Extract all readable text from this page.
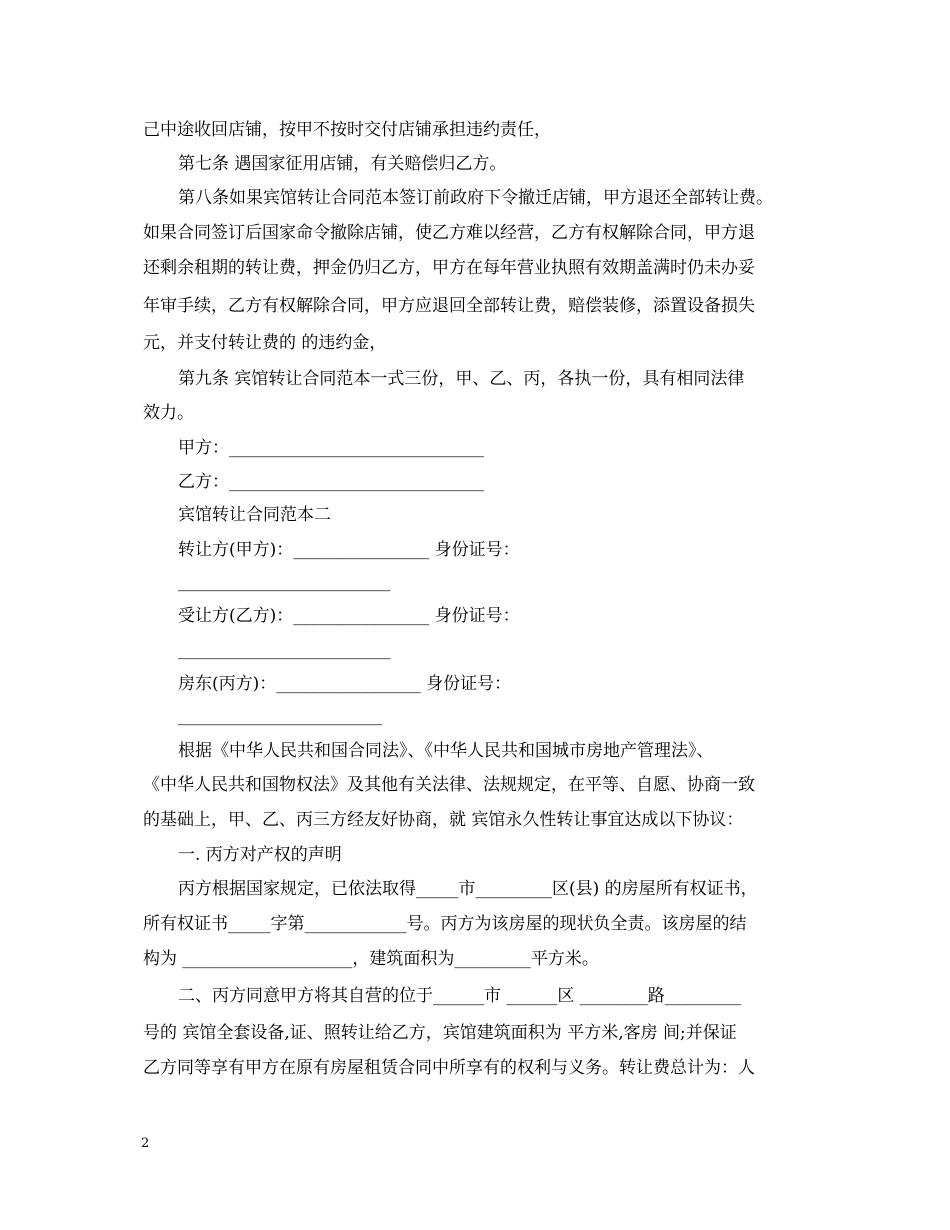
己中途收回店铺，按甲不按时交付店铺承担违约责任，

第七条 遇国家征用店铺，有关赔偿归乙方。

第八条如果宾馆转让合同范本签订前政府下令撤迁店铺，甲方退还全部转让费。

如果合同签订后国家命令撤除店铺，使乙方难以经营，乙方有权解除合同，甲方退

还剩余租期的转让费，押金仍归乙方，甲方在每年营业执照有效期盖满时仍未办妥

年审手续，乙方有权解除合同，甲方应退回全部转让费，赔偿装修，添置设备损失

元，并支付转让费的 的违约金，

第九条 宾馆转让合同范本一式三份，甲、乙、丙，各执一份，具有相同法律

效力。

甲方：______________________________

乙方：______________________________

宾馆转让合同范本二

转让方(甲方)：________________ 身份证号：

_________________________

受让方(乙方)：________________ 身份证号：

_________________________

房东(丙方)：_________________ 身份证号：

________________________

根据《中华人民共和国合同法》、《中华人民共和国城市房地产管理法》、

《中华人民共和国物权法》及其他有关法律、法规规定，在平等、自愿、协商一致

的基础上，甲、乙、丙三方经友好协商，就 宾馆永久性转让事宜达成以下协议：

一. 丙方对产权的声明

丙方根据国家规定，已依法取得_____市_________区(县) 的房屋所有权证书，

所有权证书_____字第____________号。丙方为该房屋的现状负全责。该房屋的结

构为 ____________________，建筑面积为_________平方米。

二、丙方同意甲方将其自营的位于______市 ______区 ________路_________

号的 宾馆全套设备,证、照转让给乙方，宾馆建筑面积为 平方米,客房 间;并保证

乙方同等享有甲方在原有房屋租赁合同中所享有的权利与义务。转让费总计为：人

2
